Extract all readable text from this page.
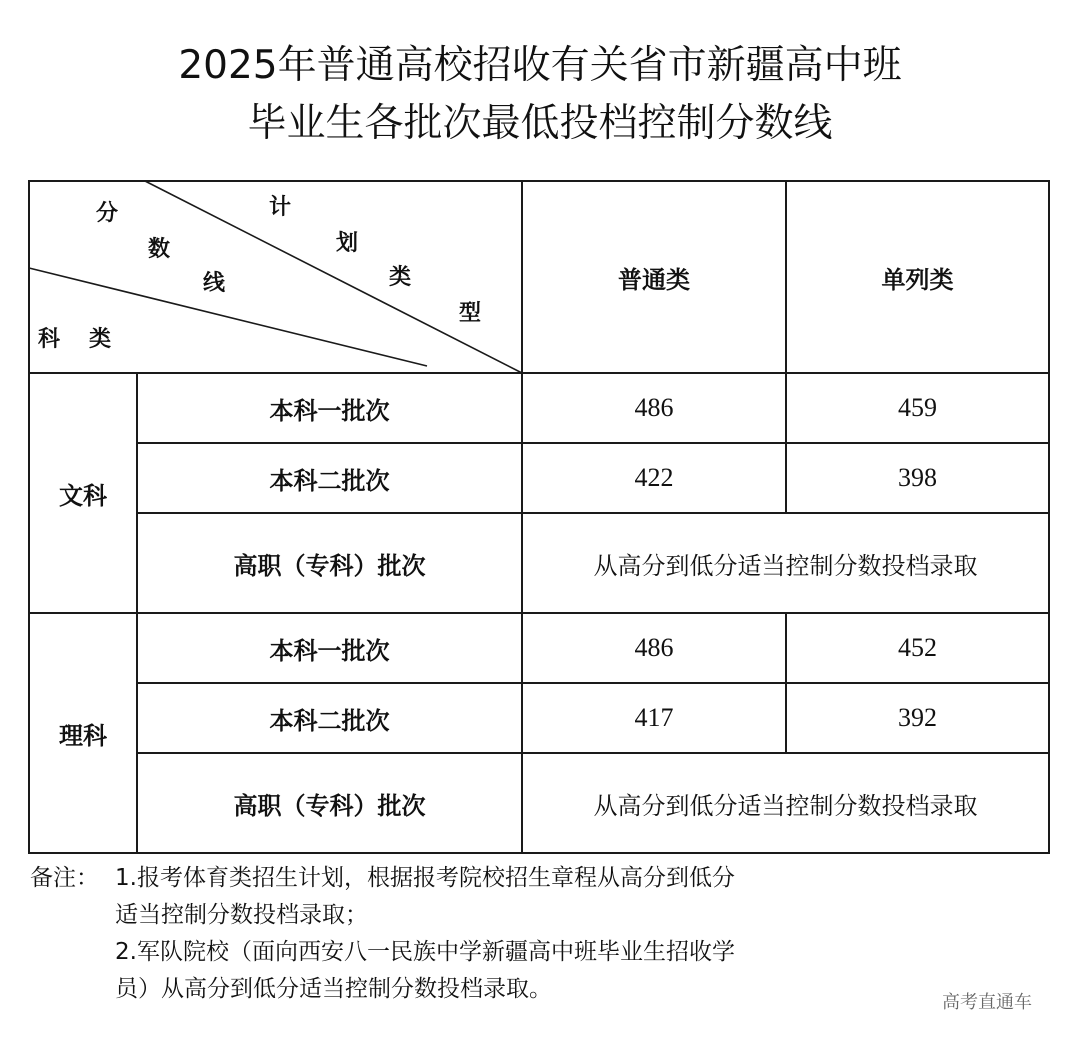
2025年普通高校招收有关省市新疆高中班
毕业生各批次最低投档控制分数线
分
数
线
计
划
类
型
科 类
普通类	单列类
文科
本科一批次	486	459
本科二批次	422	398
高职（专科）批次	从高分到低分适当控制分数投档录取
理科
本科一批次	486	452
本科二批次	417	392
高职（专科）批次	从高分到低分适当控制分数投档录取
备注： 1.报考体育类招生计划，根据报考院校招生章程从高分到低分
适当控制分数投档录取；
2.军队院校（面向西安八一民族中学新疆高中班毕业生招收学
员）从高分到低分适当控制分数投档录取。
高考直通车
